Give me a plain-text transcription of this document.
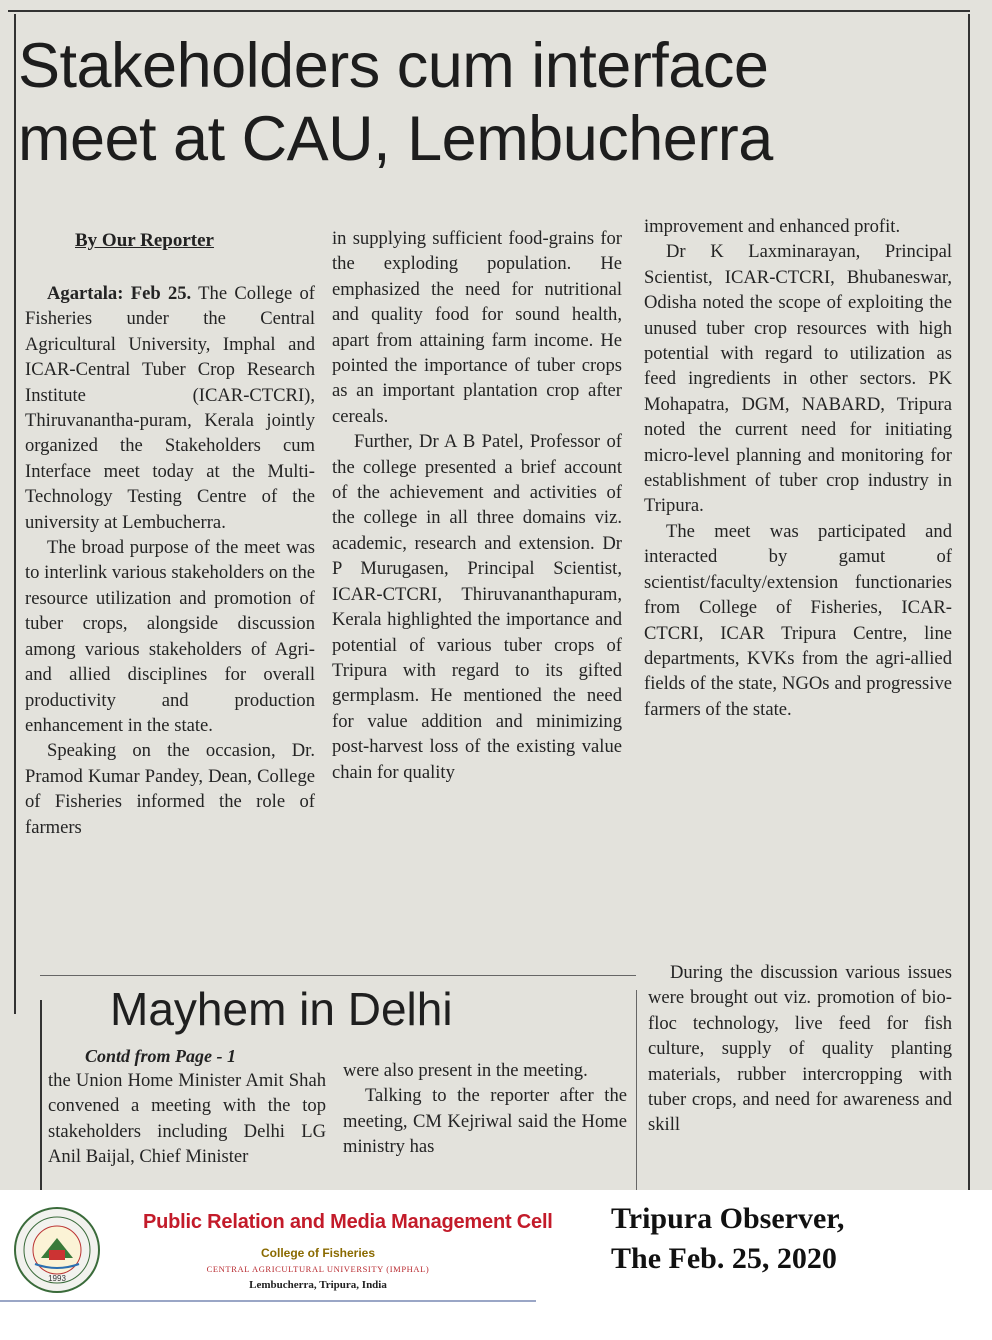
Stakeholders cum interface
meet at CAU, Lembucherra
By Our Reporter

Agartala: Feb 25. The College of Fisheries under the Central Agricultural University, Imphal and ICAR-Central Tuber Crop Research Institute (ICAR-CTCRI), Thiruvanantha-puram, Kerala jointly organized the Stakeholders cum Interface meet today at the Multi-Technology Testing Centre of the university at Lembucherra.

The broad purpose of the meet was to interlink various stakeholders on the resource utilization and promotion of tuber crops, alongside discussion among various stakeholders of Agri- and allied disciplines for overall productivity and production enhancement in the state.

Speaking on the occasion, Dr. Pramod Kumar Pandey, Dean, College of Fisheries informed the role of farmers

in supplying sufficient food-grains for the exploding population. He emphasized the need for nutritional and quality food for sound health, apart from attaining farm income. He pointed the importance of tuber crops as an important plantation crop after cereals.

Further, Dr A B Patel, Professor of the college presented a brief account of the achievement and activities of the college in all three domains viz. academic, research and extension. Dr P Murugasen, Principal Scientist, ICAR-CTCRI, Thiruvananthapuram, Kerala highlighted the importance and potential of various tuber crops of Tripura with regard to its gifted germplasm. He mentioned the need for value addition and minimizing post-harvest loss of the existing value chain for quality

improvement and enhanced profit.

Dr K Laxminarayan, Principal Scientist, ICAR-CTCRI, Bhubaneswar, Odisha noted the scope of exploiting the unused tuber crop resources with high potential with regard to utilization as feed ingredients in other sectors. PK Mohapatra, DGM, NABARD, Tripura noted the current need for initiating micro-level planning and monitoring for establishment of tuber crop industry in Tripura.

The meet was participated and interacted by gamut of scientist/faculty/extension functionaries from College of Fisheries, ICAR-CTCRI, ICAR Tripura Centre, line departments, KVKs from the agri-allied fields of the state, NGOs and progressive farmers of the state.

During the discussion various issues were brought out viz. promotion of bio-floc technology, live feed for fish culture, supply of quality planting materials, rubber intercropping with tuber crops, and need for awareness and skill

Mayhem in Delhi
Contd from Page - 1

the Union Home Minister Amit Shah convened a meeting with the top stakeholders including Delhi LG Anil Baijal, Chief Minister

were also present in the meeting.

Talking to the reporter after the meeting, CM Kejriwal said the Home ministry has

1993
Public Relation and Media Management Cell
College of Fisheries
CENTRAL AGRICULTURAL UNIVERSITY (IMPHAL)
Lembucherra, Tripura, India
Tripura Observer,
The Feb. 25, 2020
